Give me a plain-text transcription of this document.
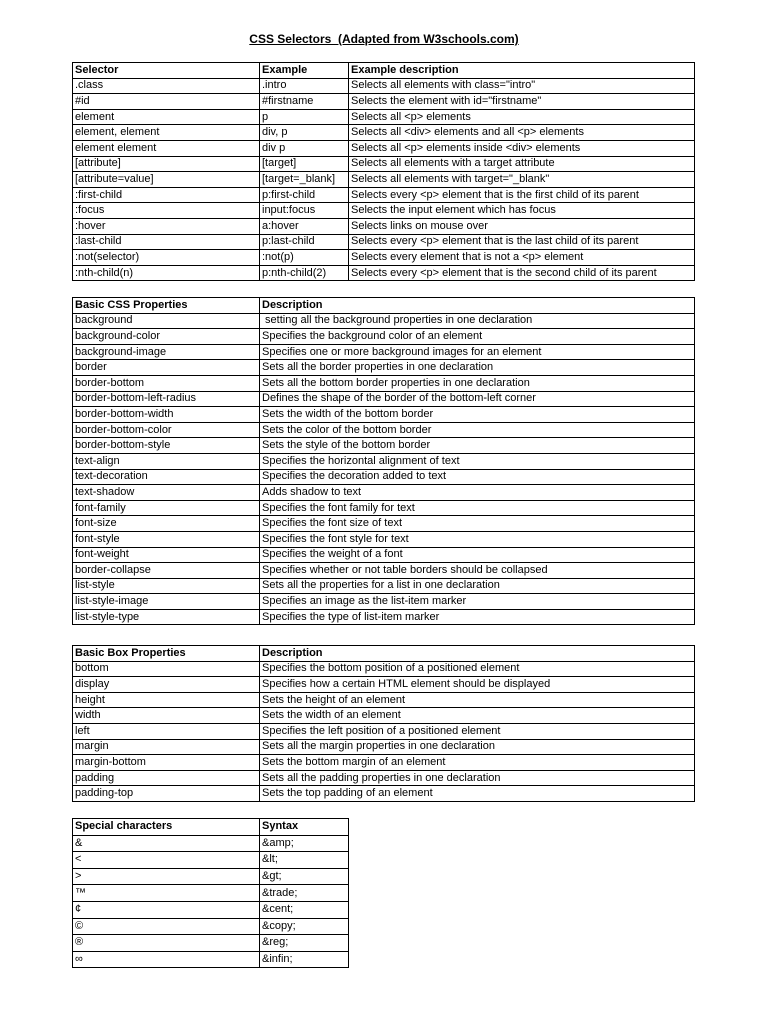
CSS Selectors  (Adapted from W3schools.com)
Selector	Example	Example description
.class	.intro	Selects all elements with class="intro"
#id	#firstname	Selects the element with id="firstname"
element	p	Selects all <p> elements
element, element	div, p	Selects all <div> elements and all <p> elements
element element	div p	Selects all <p> elements inside <div> elements
[attribute]	[target]	Selects all elements with a target attribute
[attribute=value]	[target=_blank]	Selects all elements with target="_blank"
:first-child	p:first-child	Selects every <p> element that is the first child of its parent
:focus	input:focus	Selects the input element which has focus
:hover	a:hover	Selects links on mouse over
:last-child	p:last-child	Selects every <p> element that is the last child of its parent
:not(selector)	:not(p)	Selects every element that is not a <p> element
:nth-child(n)	p:nth-child(2)	Selects every <p> element that is the second child of its parent
Basic CSS Properties	Description
background	setting all the background properties in one declaration
background-color	Specifies the background color of an element
background-image	Specifies one or more background images for an element
border	Sets all the border properties in one declaration
border-bottom	Sets all the bottom border properties in one declaration
border-bottom-left-radius	Defines the shape of the border of the bottom-left corner
border-bottom-width	Sets the width of the bottom border
border-bottom-color	Sets the color of the bottom border
border-bottom-style	Sets the style of the bottom border
text-align	Specifies the horizontal alignment of text
text-decoration	Specifies the decoration added to text
text-shadow	Adds shadow to text
font-family	Specifies the font family for text
font-size	Specifies the font size of text
font-style	Specifies the font style for text
font-weight	Specifies the weight of a font
border-collapse	Specifies whether or not table borders should be collapsed
list-style	Sets all the properties for a list in one declaration
list-style-image	Specifies an image as the list-item marker
list-style-type	Specifies the type of list-item marker
Basic Box Properties	Description
bottom	Specifies the bottom position of a positioned element
display	Specifies how a certain HTML element should be displayed
height	Sets the height of an element
width	Sets the width of an element
left	Specifies the left position of a positioned element
margin	Sets all the margin properties in one declaration
margin-bottom	Sets the bottom margin of an element
padding	Sets all the padding properties in one declaration
padding-top	Sets the top padding of an element
Special characters	Syntax
&	&amp;
<	&lt;
>	&gt;
™	&trade;
¢	&cent;
©	&copy;
®	&reg;
∞	&infin;
